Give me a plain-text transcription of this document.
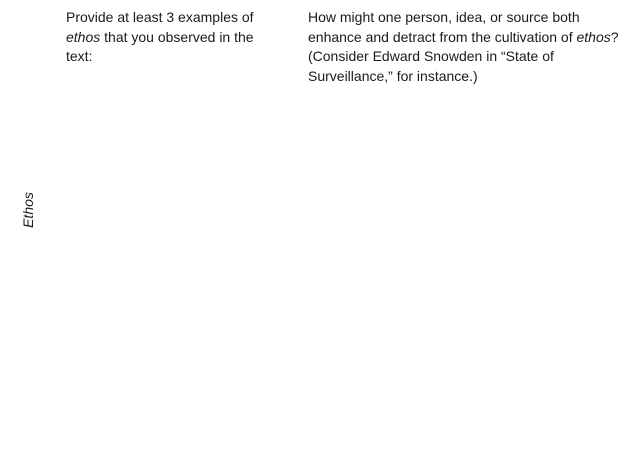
Ethos
Provide at least 3 examples of ethos that you observed in the text:
How might one person, idea, or source both enhance and detract from the cultivation of ethos? (Consider Edward Snowden in “State of Surveillance,” for instance.)
